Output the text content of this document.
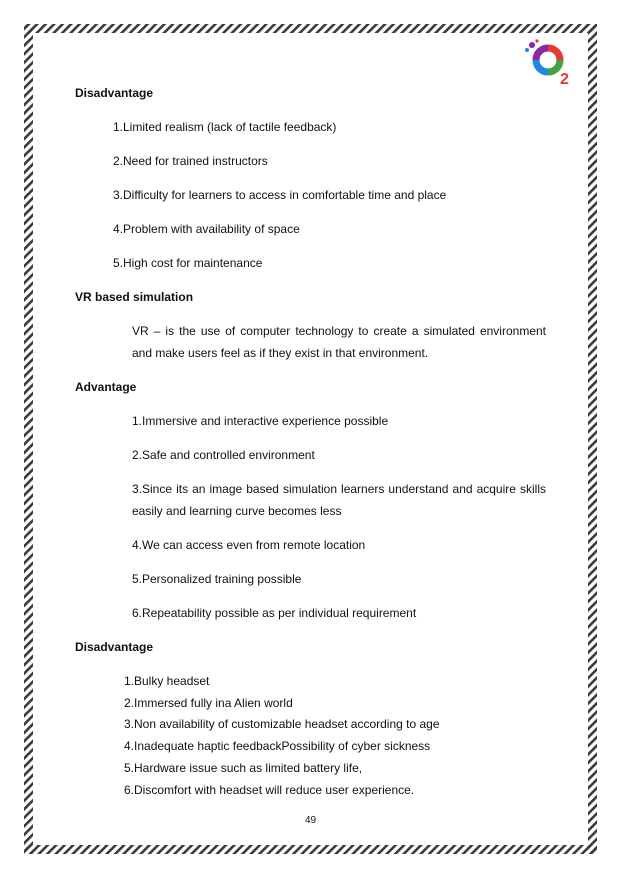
2

Disadvantage

1.Limited realism (lack of tactile feedback)

2.Need for trained instructors

3.Difficulty for learners to access in comfortable time and place

4.Problem with availability of space

5.High cost for maintenance

VR based simulation

VR – is the use of computer technology to create a simulated environment and make users feel as if they exist in that environment.

Advantage

1.Immersive and interactive experience possible

2.Safe and controlled environment

3.Since its an image based simulation learners understand and acquire skills easily and learning curve becomes less

4.We can access even from remote location

5.Personalized training possible

6.Repeatability possible as per individual requirement

Disadvantage

1.Bulky headset

2.Immersed fully ina Alien world

3.Non availability of customizable headset according to age

4.Inadequate haptic feedbackPossibility of cyber sickness

5.Hardware issue such as limited battery life,

6.Discomfort with headset will reduce user experience.

49
